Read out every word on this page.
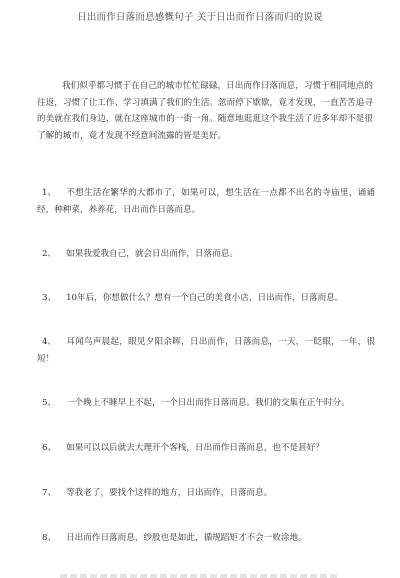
日出而作日落而息感慨句子 关于日出而作日落而归的说说
我们似乎都习惯于在自己的城市忙忙碌碌，日出而作日落而息，习惯于相同地点的往返，习惯了让工作、学习填满了我们的生活。忽而停下歇歇，竟才发现，一直苦苦追寻的美就在我们身边，就在这座城市的一街一角。随意地逛逛这个我生活了近多年却不是很了解的城市，竟才发现不经意间流露的皆是美好。
1、 不想生活在繁华的大都市了，如果可以，想生活在一点都不出名的寺庙里，诵诵经，种种菜，养养花，日出而作日落而息。
2、 如果我爱我自己，就会日出而作，日落而息。
3、 10年后，你想做什么？想有一个自己的美食小店，日出而作，日落而息。
4、 耳闻鸟声晨起，眼见夕阳余晖，日出而作，日落而息，一天，一眨眼，一年，很短！
5、 一个晚上不睡早上不起，一个日出而作日落而息。我们的交集在正午时分。
6、 如果可以以后就去大理开个客栈，日出而作日落而息，也不是甚好？
7、 等我老了，要找个这样的地方，日出而作，日落而息。
8、 日出而作日落而息，纱股也是如此，循规蹈矩才不会一败涂地。
